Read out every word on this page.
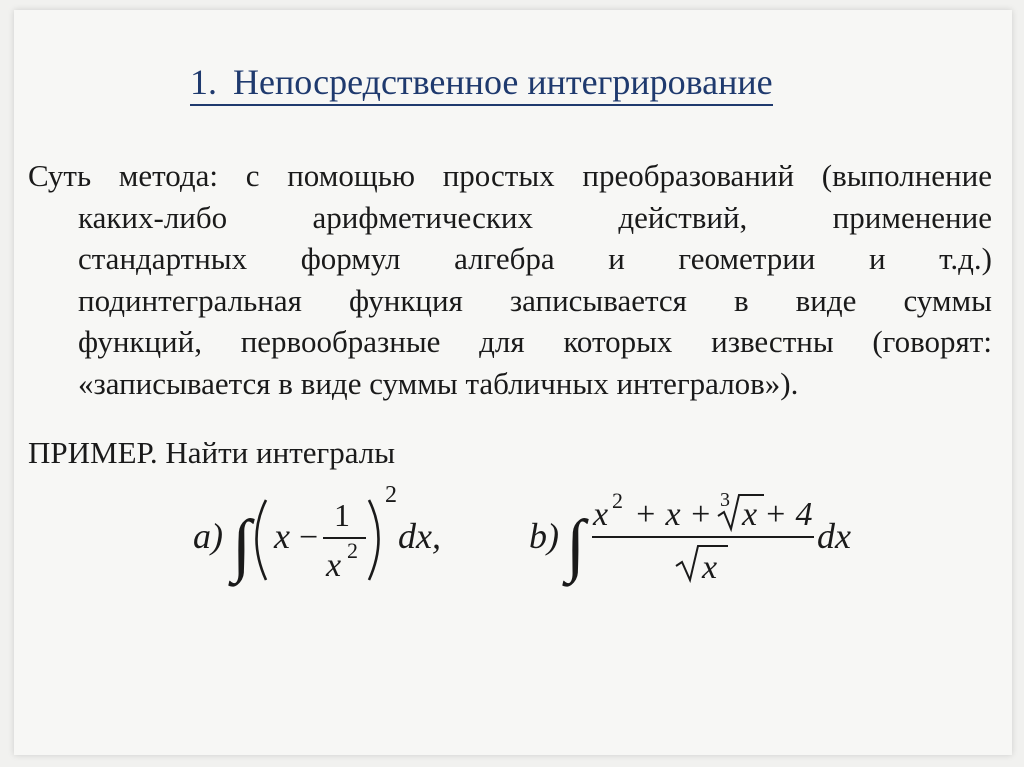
1. Непосредственное интегрирование
Суть метода: с помощью простых преобразований (выполнение
каких-либо	арифметических	действий,	применение
стандартных формул алгебра и геометрии и т.д.)
подинтегральная функция записывается в виде суммы
функций, первообразные для которых известны (говорят:
«записывается в виде суммы табличных интегралов»).
ПРИМЕР. Найти интегралы
a) ∫ x −
1
x 2
2
dx, b) ∫ x 2 + x + 3 x + 4
x
dx
